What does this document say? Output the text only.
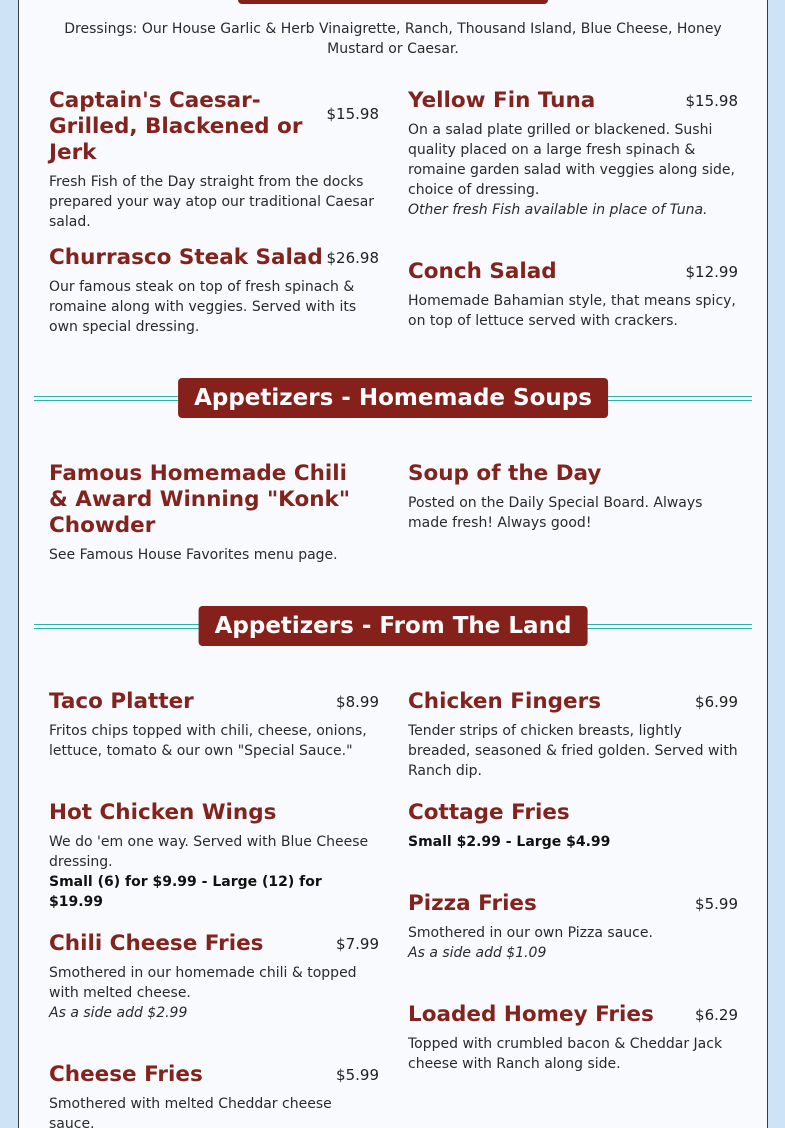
Dressings: Our House Garlic & Herb Vinaigrette, Ranch, Thousand Island, Blue Cheese, Honey Mustard or Caesar.
Captain's Caesar- Grilled, Blackened or Jerk
$15.98
Fresh Fish of the Day straight from the docks prepared your way atop our traditional Caesar salad.
Yellow Fin Tuna	$15.98
On a salad plate grilled or blackened. Sushi quality placed on a large fresh spinach & romaine garden salad with veggies along side, choice of dressing.
Other fresh Fish available in place of Tuna.
Churrasco Steak Salad $26.98
Our famous steak on top of fresh spinach & romaine along with veggies. Served with its own special dressing.
Conch Salad	$12.99
Homemade Bahamian style, that means spicy, on top of lettuce served with crackers.
Appetizers - Homemade Soups
Famous Homemade Chili & Award Winning "Konk" Chowder
See Famous House Favorites menu page.
Soup of the Day
Posted on the Daily Special Board. Always made fresh! Always good!
Appetizers - From The Land
Taco Platter	$8.99
Fritos chips topped with chili, cheese, onions, lettuce, tomato & our own "Special Sauce."
Chicken Fingers	$6.99
Tender strips of chicken breasts, lightly breaded, seasoned & fried golden. Served with Ranch dip.
Hot Chicken Wings
We do 'em one way. Served with Blue Cheese dressing.
Small (6) for $9.99 - Large (12) for $19.99
Cottage Fries
Small $2.99 - Large $4.99
Chili Cheese Fries	$7.99
Smothered in our homemade chili & topped with melted cheese.
As a side add $2.99
Pizza Fries	$5.99
Smothered in our own Pizza sauce.
As a side add $1.09
Loaded Homey Fries	$6.29
Topped with crumbled bacon & Cheddar Jack cheese with Ranch along side.
Cheese Fries	$5.99
Smothered with melted Cheddar cheese sauce.
